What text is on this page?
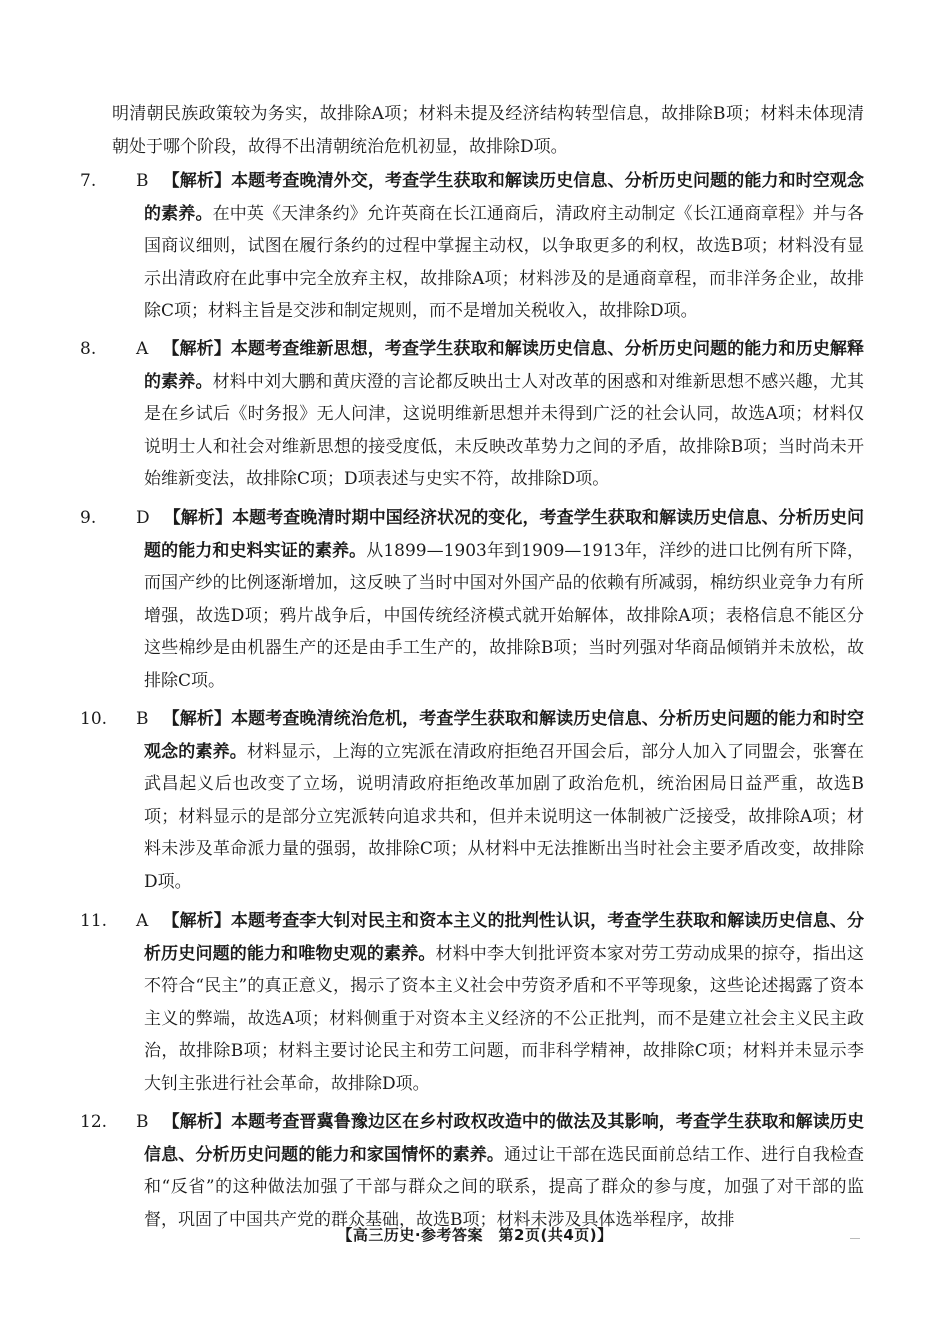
明清朝民族政策较为务实，故排除A项；材料未提及经济结构转型信息，故排除B项；材料未体现清朝处于哪个阶段，故得不出清朝统治危机初显，故排除D项。
7. B 【解析】本题考查晚清外交，考查学生获取和解读历史信息、分析历史问题的能力和时空观念的素养。在中英《天津条约》允许英商在长江通商后，清政府主动制定《长江通商章程》并与各国商议细则，试图在履行条约的过程中掌握主动权，以争取更多的利权，故选B项；材料没有显示出清政府在此事中完全放弃主权，故排除A项；材料涉及的是通商章程，而非洋务企业，故排除C项；材料主旨是交涉和制定规则，而不是增加关税收入，故排除D项。
8. A 【解析】本题考查维新思想，考查学生获取和解读历史信息、分析历史问题的能力和历史解释的素养。材料中刘大鹏和黄庆澄的言论都反映出士人对改革的困惑和对维新思想不感兴趣，尤其是在乡试后《时务报》无人问津，这说明维新思想并未得到广泛的社会认同，故选A项；材料仅说明士人和社会对维新思想的接受度低，未反映改革势力之间的矛盾，故排除B项；当时尚未开始维新变法，故排除C项；D项表述与史实不符，故排除D项。
9. D 【解析】本题考查晚清时期中国经济状况的变化，考查学生获取和解读历史信息、分析历史问题的能力和史料实证的素养。从1899—1903年到1909—1913年，洋纱的进口比例有所下降，而国产纱的比例逐渐增加，这反映了当时中国对外国产品的依赖有所减弱，棉纺织业竞争力有所增强，故选D项；鸦片战争后，中国传统经济模式就开始解体，故排除A项；表格信息不能区分这些棉纱是由机器生产的还是由手工生产的，故排除B项；当时列强对华商品倾销并未放松，故排除C项。
10. B 【解析】本题考查晚清统治危机，考查学生获取和解读历史信息、分析历史问题的能力和时空观念的素养。材料显示，上海的立宪派在清政府拒绝召开国会后，部分人加入了同盟会，张謇在武昌起义后也改变了立场，说明清政府拒绝改革加剧了政治危机，统治困局日益严重，故选B项；材料显示的是部分立宪派转向追求共和，但并未说明这一体制被广泛接受，故排除A项；材料未涉及革命派力量的强弱，故排除C项；从材料中无法推断出当时社会主要矛盾改变，故排除D项。
11. A 【解析】本题考查李大钊对民主和资本主义的批判性认识，考查学生获取和解读历史信息、分析历史问题的能力和唯物史观的素养。材料中李大钊批评资本家对劳工劳动成果的掠夺，指出这不符合“民主”的真正意义，揭示了资本主义社会中劳资矛盾和不平等现象，这些论述揭露了资本主义的弊端，故选A项；材料侧重于对资本主义经济的不公正批判，而不是建立社会主义民主政治，故排除B项；材料主要讨论民主和劳工问题，而非科学精神，故排除C项；材料并未显示李大钊主张进行社会革命，故排除D项。
12. B 【解析】本题考查晋冀鲁豫边区在乡村政权改造中的做法及其影响，考查学生获取和解读历史信息、分析历史问题的能力和家国情怀的素养。通过让干部在选民面前总结工作、进行自我检查和“反省”的这种做法加强了干部与群众之间的联系，提高了群众的参与度，加强了对干部的监督，巩固了中国共产党的群众基础，故选B项；材料未涉及具体选举程序，故排
【高三历史·参考答案　第2页(共4页)】
